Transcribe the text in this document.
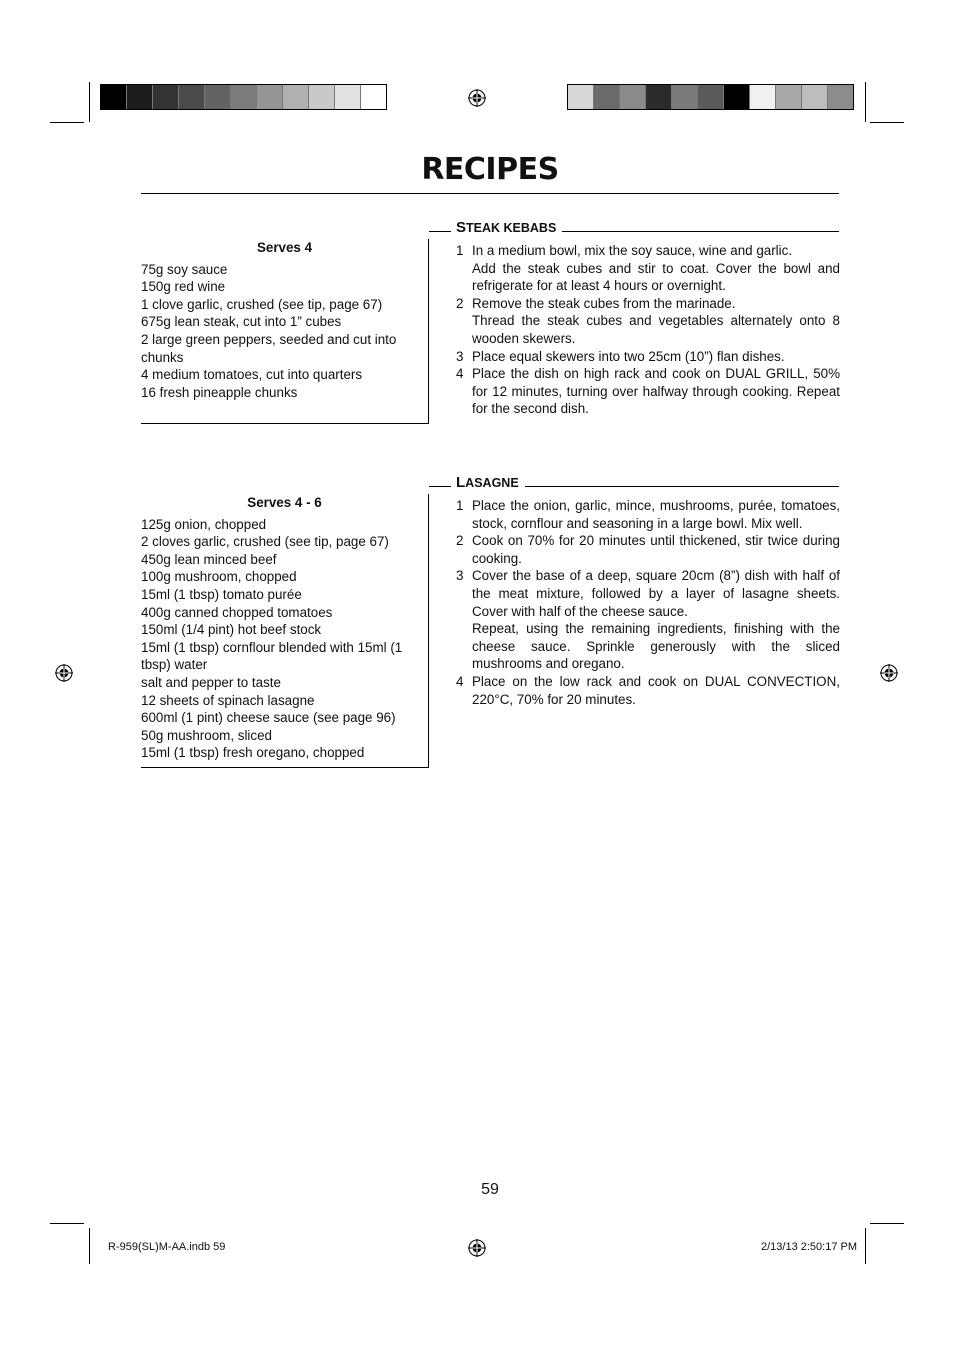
RECIPES
Serves 4
75g soy sauce
150g red wine
1 clove garlic, crushed (see tip, page 67)
675g lean steak, cut into 1” cubes
2 large green peppers, seeded and cut into chunks
4 medium tomatoes, cut into quarters
16 fresh pineapple chunks
STEAK KEBABS
1 In a medium bowl, mix the soy sauce, wine and garlic.
Add the steak cubes and stir to coat. Cover the bowl and refrigerate for at least 4 hours or overnight.
2 Remove the steak cubes from the marinade.
Thread the steak cubes and vegetables alternately onto 8 wooden skewers.
3 Place equal skewers into two 25cm (10”) flan dishes.
4 Place the dish on high rack and cook on DUAL GRILL, 50% for 12 minutes, turning over halfway through cooking. Repeat for the second dish.
Serves 4 - 6
125g onion, chopped
2 cloves garlic, crushed (see tip, page 67)
450g lean minced beef
100g mushroom, chopped
15ml (1 tbsp) tomato purée
400g canned chopped tomatoes
150ml (1/4 pint) hot beef stock
15ml (1 tbsp) cornflour blended with 15ml (1 tbsp) water
salt and pepper to taste
12 sheets of spinach lasagne
600ml (1 pint) cheese sauce (see page 96)
50g mushroom, sliced
15ml (1 tbsp) fresh oregano, chopped
LASAGNE
1 Place the onion, garlic, mince, mushrooms, purée, tomatoes, stock, cornflour and seasoning in a large bowl. Mix well.
2 Cook on 70% for 20 minutes until thickened, stir twice during cooking.
3 Cover the base of a deep, square 20cm (8”) dish with half of the meat mixture, followed by a layer of lasagne sheets. Cover with half of the cheese sauce.
Repeat, using the remaining ingredients, finishing with the cheese sauce. Sprinkle generously with the sliced mushrooms and oregano.
4 Place on the low rack and cook on DUAL CONVECTION, 220°C, 70% for 20 minutes.
59
R-959(SL)M-AA.indb 59	2/13/13 2:50:17 PM
